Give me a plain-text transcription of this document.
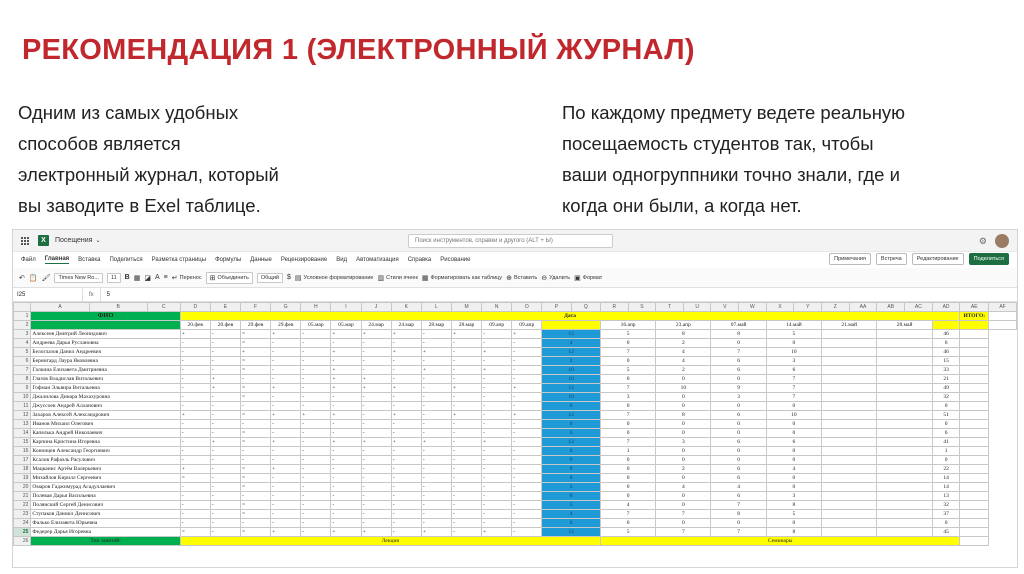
РЕКОМЕНДАЦИЯ 1 (ЭЛЕКТРОННЫЙ ЖУРНАЛ)
Одним из самых удобных
способов является
электронный журнал, который
вы заводите в Exel таблице.
По каждому предмету ведете реальную
посещаемость студентов так, чтобы
ваши одногруппники точно знали, где и
когда они были, а когда нет.
X	Посещения ⌄	Поиск инструментов, справки и другого (ALT + Ы)	⚙
Файл Главная Вставка Поделиться Разметка страницы Формулы Данные Рецензирование Вид Автоматизация Справка Рисование	Примечания	Встреча	Редактирование	Поделиться
↶ 📋 🖌	Times New Ro...	11	B ▦ ◪ A ≡ ↵ Перенос ⊞ Объединить	Общий	$ ▤ Условное форматирование ▥ Стили ячеек ▦ Форматировать как таблицу ⊕ Вставить ⊖ Удалить ▣ Формат
I25	fx	5
	A	B	C	D	E	F	G	H	I	J	K	L	M	N	O	P	Q	R	S	T	U	V	W	X	Y	Z	AA	AB	AC	AD	AE	AF
1	ФИО			Дата																											ИТОГО:	
2				20.фев	20.фев	29.фев	29.фев	05.мар	05.мар	24.мар	24.мар	28.мар	28.мар	09.апр	09.апр			16.апр		23.апр		07.май		14.май		21.май		28.май				
3	Алексеев Дмитрий Леонидович			+	-	=	+	-	+	+	+	-	+	-	+	12		5		8		8		5						46		
4	Андреева Дарья Руслановна			-	-	=	-	-	-	-	-	-	-	-	-	4		0		2		0		0						6		
5	Белоглазов Данил Андреевич			-	-	+	-	-	+	-	+	+	-	+	-	12		7		4		7		10						46		
6	Берингард Лаура Яковлевна			-	-	=	-	-	-	-	-	-	-	-	-	2		0		4		6		3						15		
7	Галкина Елизавета Дмитриевна			-	-	=	-	-	+	-	-	+	-	+	-	10		5		2		6		6						33		
8	Глазов Владислав Витальевич			-	+	-	-	-	+	+	-	-	-	-	-	10		0		0		0		7						21		
9	Гофман Эльвира Витальевна			-	+	=	+	-	+	+	+	-	+	-	+	12		7		10		9		7						49		
10	Джалилова Динара Махахуровна			-	-	=	-	-	-	-	-	-	-	-	-	10		3		0		3		7						32		
11	Джуссоев Андрей Алланович			-	-	-	-	-	-	-	-	-	-	-	-	0		0		0		0		0						0		
12	Захаров Алексей Александрович			+	-	=	+	+	+	-	+	-	+	-	+	12		7		8		6		10						51		
13	Иванов Михаил Олегович			-	-	-	-	-	-	-	-	-	-	-	-	0		0		0		0		0						0		
14	Капелька Андрей Николаевич			-	-	=	-	-	-	-	-	-	-	-	-	6		0		0		0		0						6		
15	Карпина Кристина Игоревна			-	+	=	+	-	+	+	+	+	-	+	-	12		7		3		6		6						41		
16	Кононцев Александр Георгиевич			-	-	-	-	-	-	-	-	-	-	-	-	0		1		0		0		0						1		
17	Ксалов Рафаэль Расулович			-	-	-	-	-	-	-	-	-	-	-	-	0		0		0		0		0						0		
18	Мацкаиис Артём Валерьевич			+	-	=	+	-	-	-	-	-	-	-	-	8		0		2		6		4						22		
19	Михайлов Кирилл Сергеевич			=	-	=	-	-	-	-	-	-	-	-	-	8		0		0		6		0						14		
20	Омаров Гаджимурад Асадуллаевич			-	-	=	-	-	-	-	-	-	-	-	-	2		0		4		4		0						14		
21	Полевая Дарья Васильевна			-	-	-	-	-	-	-	-	-	-	-	-	8		0		0		6		3						13		
22	Полянский Сергей Денисович			-	-	=	-	-	-	-	-	-	-	-	-	5		4		0		7		8						32		
23	Ступаков Даниил Денисович			-	-	=	-	-	-	-	-	-	-	-	-	4		7		7		8		5						37		
24	Фалько Елизавета Юрьевна			-	-	-	-	-	-	-	-	-	-	-	-	0		0		0		0		0						0		
25	Федерер Дарья Игоревна			=	-	=	+	-	+	+	-	+	-	+	-	12		5		7		7		8						45		
26	Тип занятий:			Лекция														Семинары														
